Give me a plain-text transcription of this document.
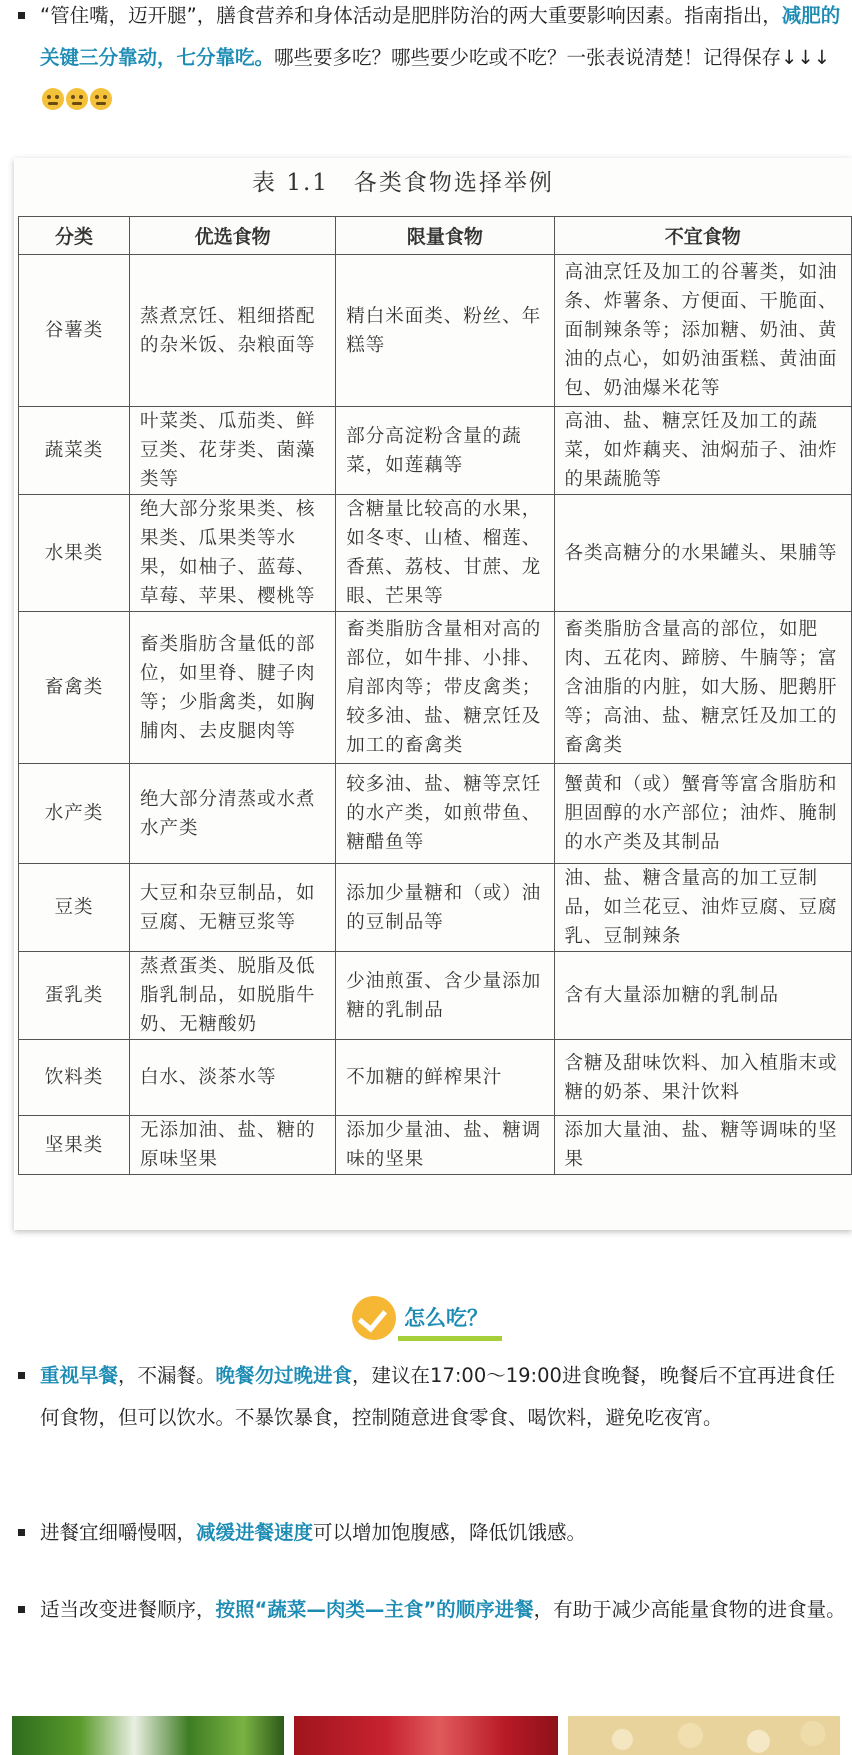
“管住嘴，迈开腿”，膳食营养和身体活动是肥胖防治的两大重要影响因素。指南指出，减肥的关键三分靠动，七分靠吃。哪些要多吃？哪些要少吃或不吃？一张表说清楚！记得保存↓↓↓
表 1.1　各类食物选择举例
分类	优选食物	限量食物	不宜食物
谷薯类	蒸煮烹饪、粗细搭配的杂米饭、杂粮面等	精白米面类、粉丝、年糕等	高油烹饪及加工的谷薯类，如油条、炸薯条、方便面、干脆面、面制辣条等；添加糖、奶油、黄油的点心，如奶油蛋糕、黄油面包、奶油爆米花等
蔬菜类	叶菜类、瓜茄类、鲜豆类、花芽类、菌藻类等	部分高淀粉含量的蔬菜，如莲藕等	高油、盐、糖烹饪及加工的蔬菜，如炸藕夹、油焖茄子、油炸的果蔬脆等
水果类	绝大部分浆果类、核果类、瓜果类等水果，如柚子、蓝莓、草莓、苹果、樱桃等	含糖量比较高的水果，如冬枣、山楂、榴莲、香蕉、荔枝、甘蔗、龙眼、芒果等	各类高糖分的水果罐头、果脯等
畜禽类	畜类脂肪含量低的部位，如里脊、腱子肉等；少脂禽类，如胸脯肉、去皮腿肉等	畜类脂肪含量相对高的部位，如牛排、小排、肩部肉等；带皮禽类；较多油、盐、糖烹饪及加工的畜禽类	畜类脂肪含量高的部位，如肥肉、五花肉、蹄膀、牛腩等；富含油脂的内脏，如大肠、肥鹅肝等；高油、盐、糖烹饪及加工的畜禽类
水产类	绝大部分清蒸或水煮水产类	较多油、盐、糖等烹饪的水产类，如煎带鱼、糖醋鱼等	蟹黄和（或）蟹膏等富含脂肪和胆固醇的水产部位；油炸、腌制的水产类及其制品
豆类	大豆和杂豆制品，如豆腐、无糖豆浆等	添加少量糖和（或）油的豆制品等	油、盐、糖含量高的加工豆制品，如兰花豆、油炸豆腐、豆腐乳、豆制辣条
蛋乳类	蒸煮蛋类、脱脂及低脂乳制品，如脱脂牛奶、无糖酸奶	少油煎蛋、含少量添加糖的乳制品	含有大量添加糖的乳制品
饮料类	白水、淡茶水等	不加糖的鲜榨果汁	含糖及甜味饮料、加入植脂末或糖的奶茶、果汁饮料
坚果类	无添加油、盐、糖的原味坚果	添加少量油、盐、糖调味的坚果	添加大量油、盐、糖等调味的坚果
怎么吃？
重视早餐，不漏餐。晚餐勿过晚进食，建议在17:00～19:00进食晚餐，晚餐后不宜再进食任何食物，但可以饮水。不暴饮暴食，控制随意进食零食、喝饮料，避免吃夜宵。
进餐宜细嚼慢咽，减缓进餐速度可以增加饱腹感，降低饥饿感。
适当改变进餐顺序，按照“蔬菜—肉类—主食”的顺序进餐，有助于减少高能量食物的进食量。
